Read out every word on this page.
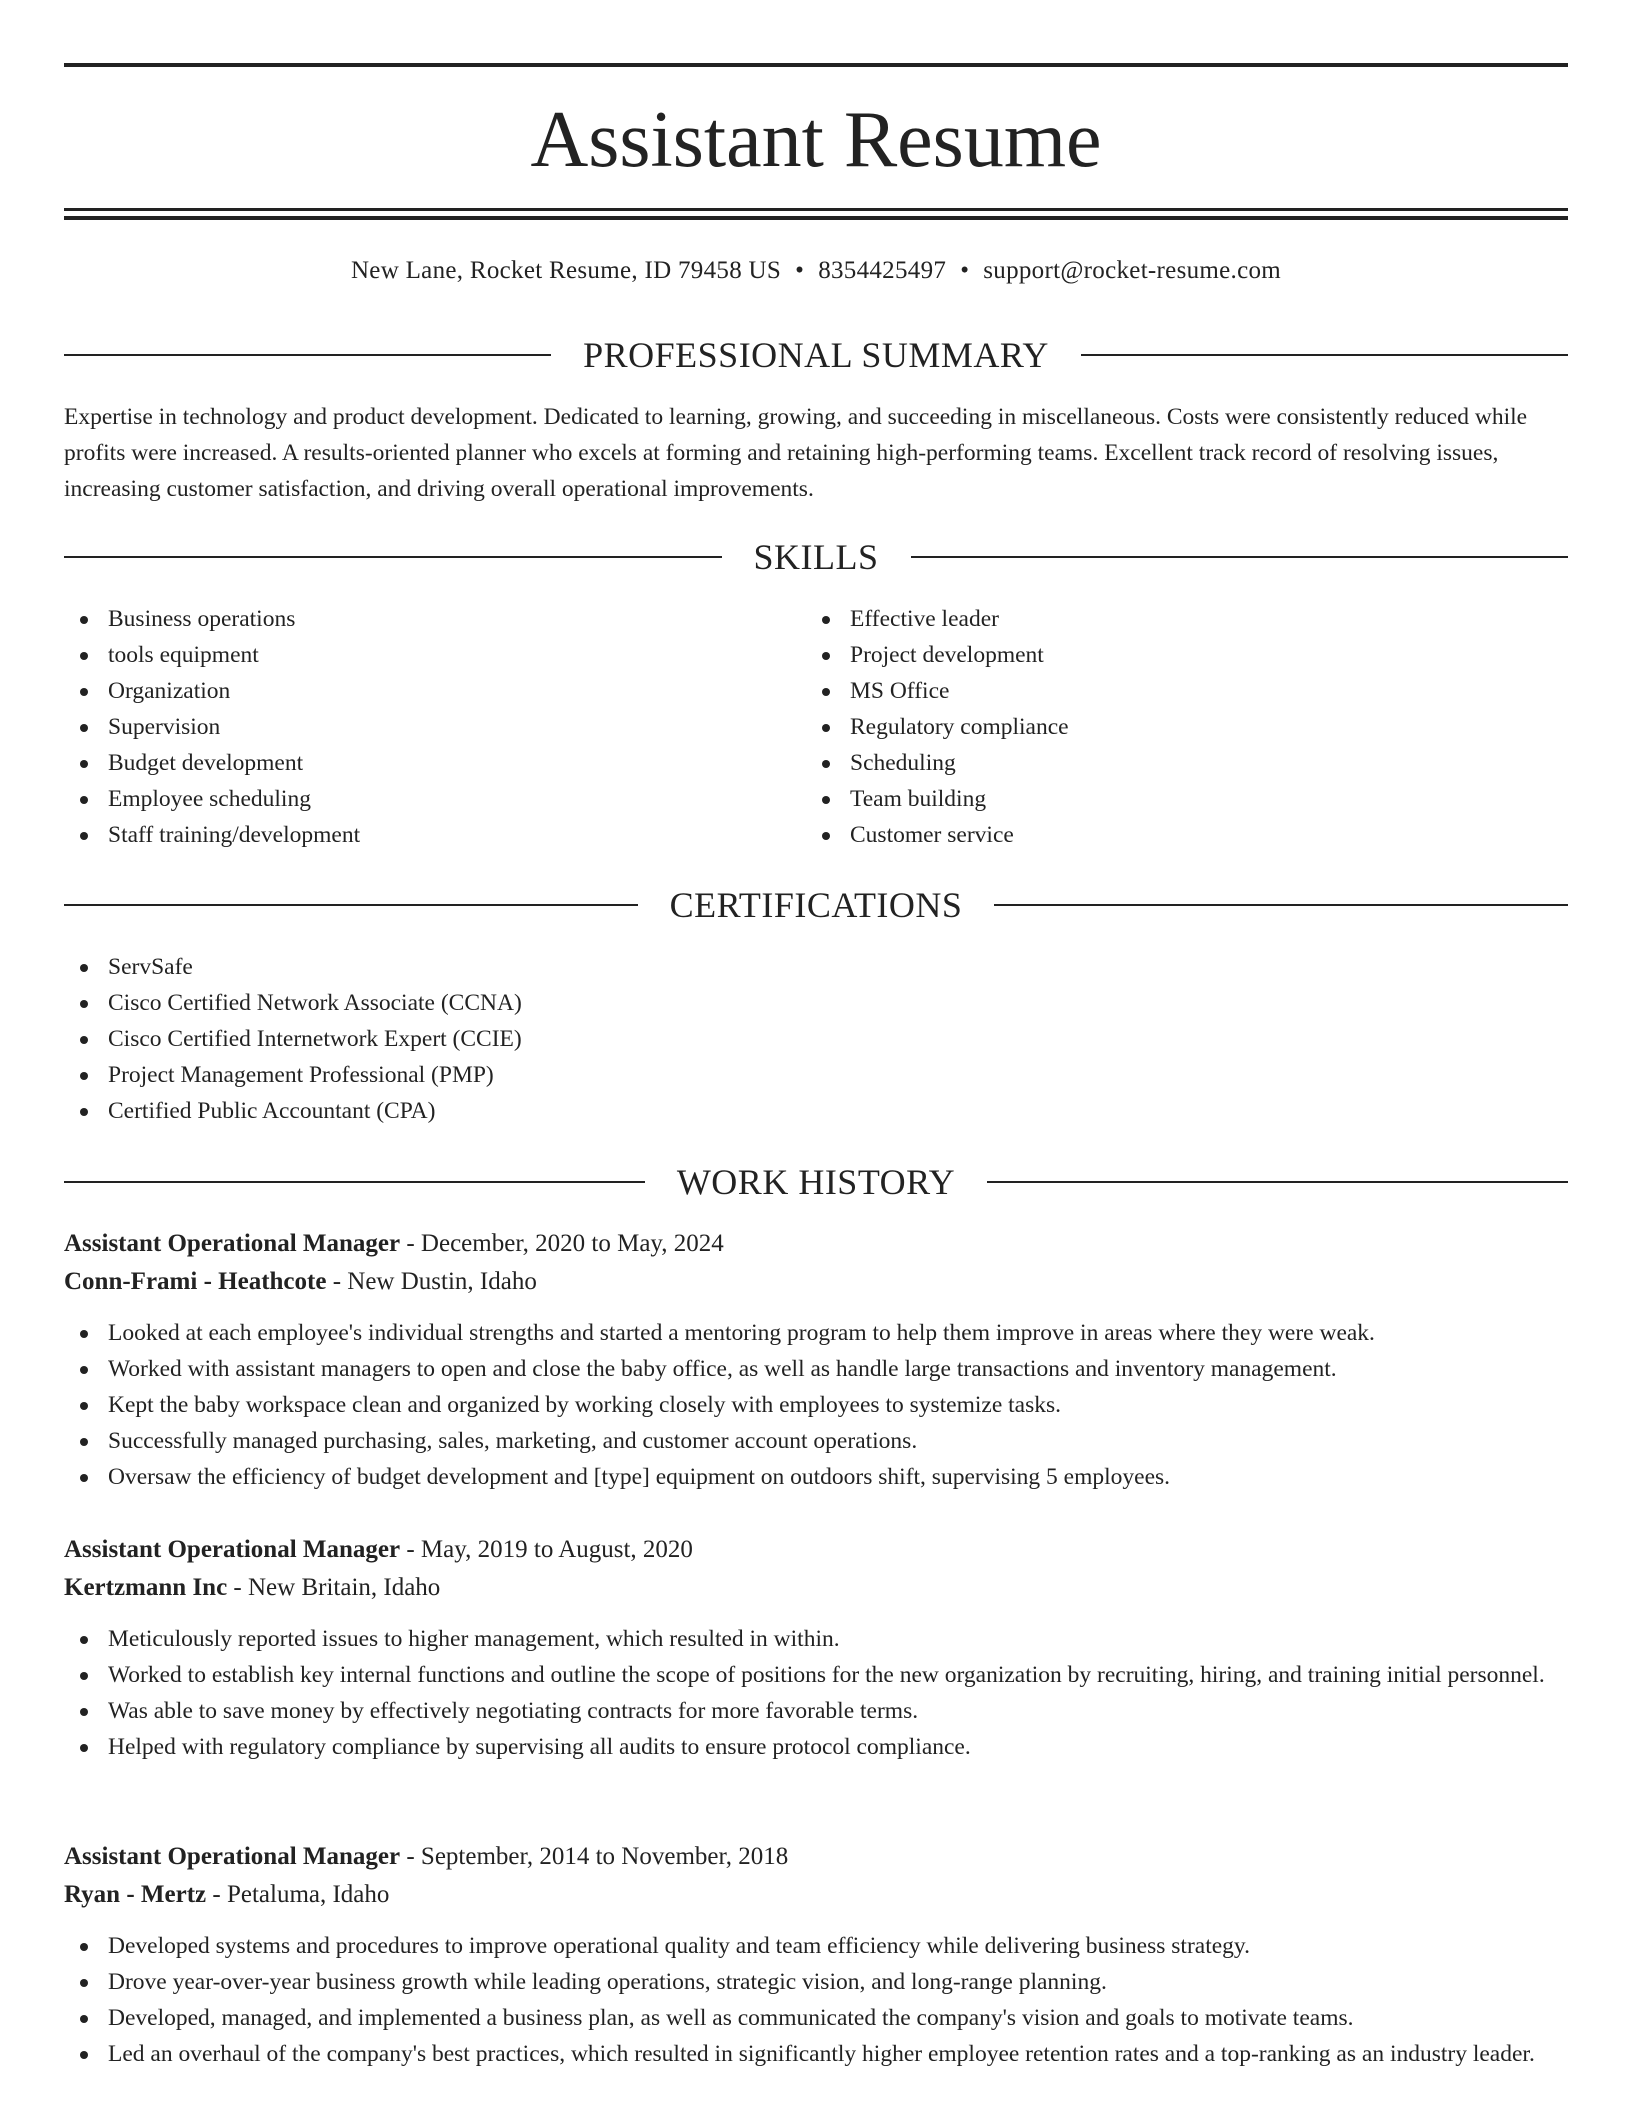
Assistant Resume
New Lane, Rocket Resume, ID 79458 US • 8354425497 • support@rocket-resume.com
PROFESSIONAL SUMMARY

Expertise in technology and product development. Dedicated to learning, growing, and succeeding in miscellaneous. Costs were consistently reduced while profits were increased. A results-oriented planner who excels at forming and retaining high-performing teams. Excellent track record of resolving issues, increasing customer satisfaction, and driving overall operational improvements.

SKILLS
Business operations
tools equipment
Organization
Supervision
Budget development
Employee scheduling
Staff training/development
Effective leader
Project development
MS Office
Regulatory compliance
Scheduling
Team building
Customer service
CERTIFICATIONS
ServSafe
Cisco Certified Network Associate (CCNA)
Cisco Certified Internetwork Expert (CCIE)
Project Management Professional (PMP)
Certified Public Accountant (CPA)
WORK HISTORY

Assistant Operational Manager - December, 2020 to May, 2024

Conn-Frami - Heathcote - New Dustin, Idaho

Looked at each employee's individual strengths and started a mentoring program to help them improve in areas where they were weak.
Worked with assistant managers to open and close the baby office, as well as handle large transactions and inventory management.
Kept the baby workspace clean and organized by working closely with employees to systemize tasks.
Successfully managed purchasing, sales, marketing, and customer account operations.
Oversaw the efficiency of budget development and [type] equipment on outdoors shift, supervising 5 employees.

Assistant Operational Manager - May, 2019 to August, 2020

Kertzmann Inc - New Britain, Idaho

Meticulously reported issues to higher management, which resulted in within.
Worked to establish key internal functions and outline the scope of positions for the new organization by recruiting, hiring, and training initial personnel.
Was able to save money by effectively negotiating contracts for more favorable terms.
Helped with regulatory compliance by supervising all audits to ensure protocol compliance.

Assistant Operational Manager - September, 2014 to November, 2018

Ryan - Mertz - Petaluma, Idaho

Developed systems and procedures to improve operational quality and team efficiency while delivering business strategy.
Drove year-over-year business growth while leading operations, strategic vision, and long-range planning.
Developed, managed, and implemented a business plan, as well as communicated the company's vision and goals to motivate teams.
Led an overhaul of the company's best practices, which resulted in significantly higher employee retention rates and a top-ranking as an industry leader.
